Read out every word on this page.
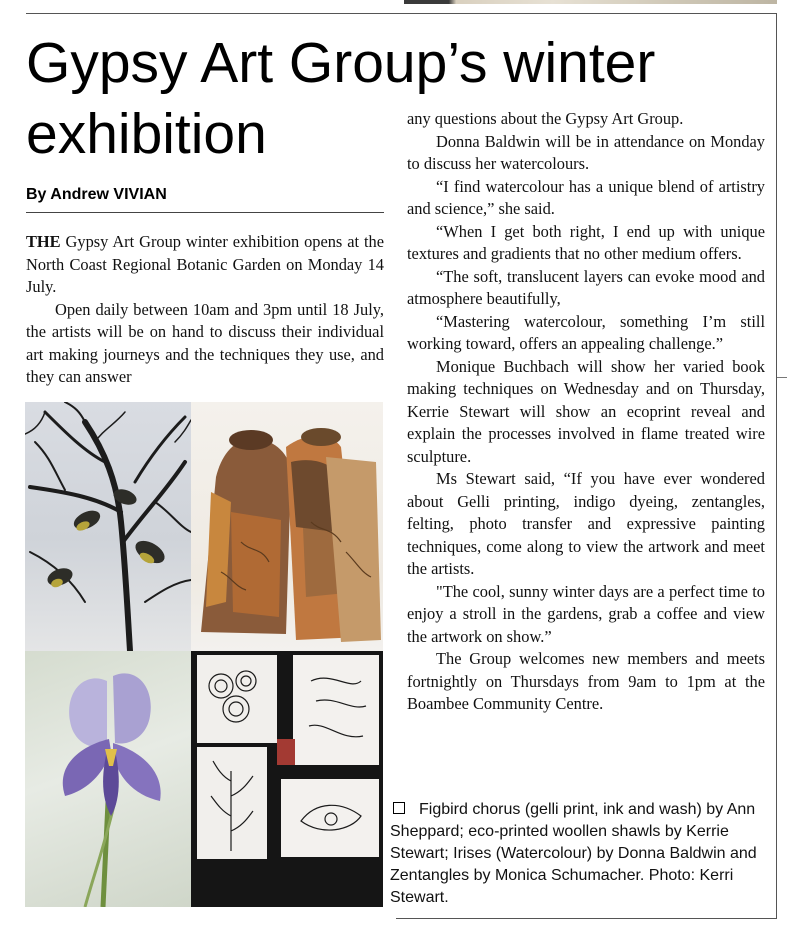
Gypsy Art Group’s winter exhibition

By Andrew VIVIAN

THE Gypsy Art Group winter exhibition opens at the North Coast Regional Botanic Garden on Monday 14 July.

Open daily between 10am and 3pm until 18 July, the artists will be on hand to discuss their individual art making journeys and the techniques they use, and they can answer

any questions about the Gypsy Art Group.

Donna Baldwin will be in attendance on Monday to discuss her watercolours.

“I find watercolour has a unique blend of artistry and science,” she said.

“When I get both right, I end up with unique textures and gradients that no other medium offers.

“The soft, translucent layers can evoke mood and atmosphere beautifully,

“Mastering watercolour, something I’m still working toward, offers an appealing challenge.”

Monique Buchbach will show her varied book making techniques on Wednesday and on Thursday, Kerrie Stewart will show an ecoprint reveal and explain the processes involved in flame treated wire sculpture.

Ms Stewart said, “If you have ever wondered about Gelli printing, indigo dyeing, zentangles, felting, photo transfer and expressive painting techniques, come along to view the artwork and meet the artists.

"The cool, sunny winter days are a perfect time to enjoy a stroll in the gardens, grab a coffee and view the artwork on show.”

The Group welcomes new members and meets fortnightly on Thursdays from 9am to 1pm at the Boambee Community Centre.

Figbird chorus (gelli print, ink and wash) by Ann Sheppard; eco-printed woollen shawls by Kerrie Stewart; Irises (Watercolour) by Donna Baldwin and Zentangles by Monica Schumacher. Photo: Kerri Stewart.
